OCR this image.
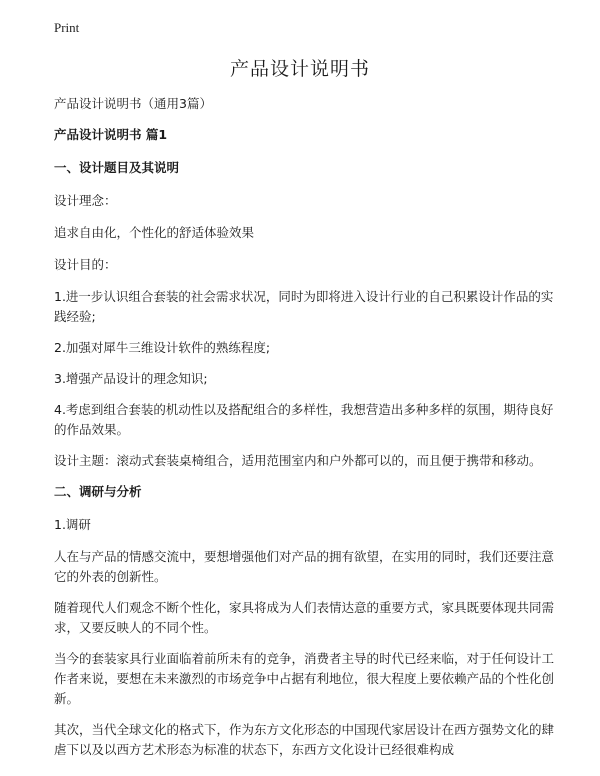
Print
产品设计说明书

产品设计说明书（通用3篇）

产品设计说明书 篇1

一、设计题目及其说明

设计理念：

追求自由化，个性化的舒适体验效果

设计目的：

1.进一步认识组合套装的社会需求状况，同时为即将进入设计行业的自己积累设计作品的实践经验;

2.加强对犀牛三维设计软件的熟练程度;

3.增强产品设计的理念知识;

4.考虑到组合套装的机动性以及搭配组合的多样性，我想营造出多种多样的氛围，期待良好的作品效果。

设计主题：滚动式套装桌椅组合，适用范围室内和户外都可以的，而且便于携带和移动。

二、调研与分析

1.调研

人在与产品的情感交流中，要想增强他们对产品的拥有欲望，在实用的同时，我们还要注意它的外表的创新性。

随着现代人们观念不断个性化，家具将成为人们表情达意的重要方式，家具既要体现共同需求，又要反映人的不同个性。

当今的套装家具行业面临着前所未有的竞争，消费者主导的时代已经来临，对于任何设计工作者来说，要想在未来激烈的市场竞争中占据有利地位，很大程度上要依赖产品的个性化创新。

其次，当代全球文化的格式下，作为东方文化形态的中国现代家居设计在西方强势文化的肆虐下以及以西方艺术形态为标准的状态下，东西方文化设计已经很难构成
